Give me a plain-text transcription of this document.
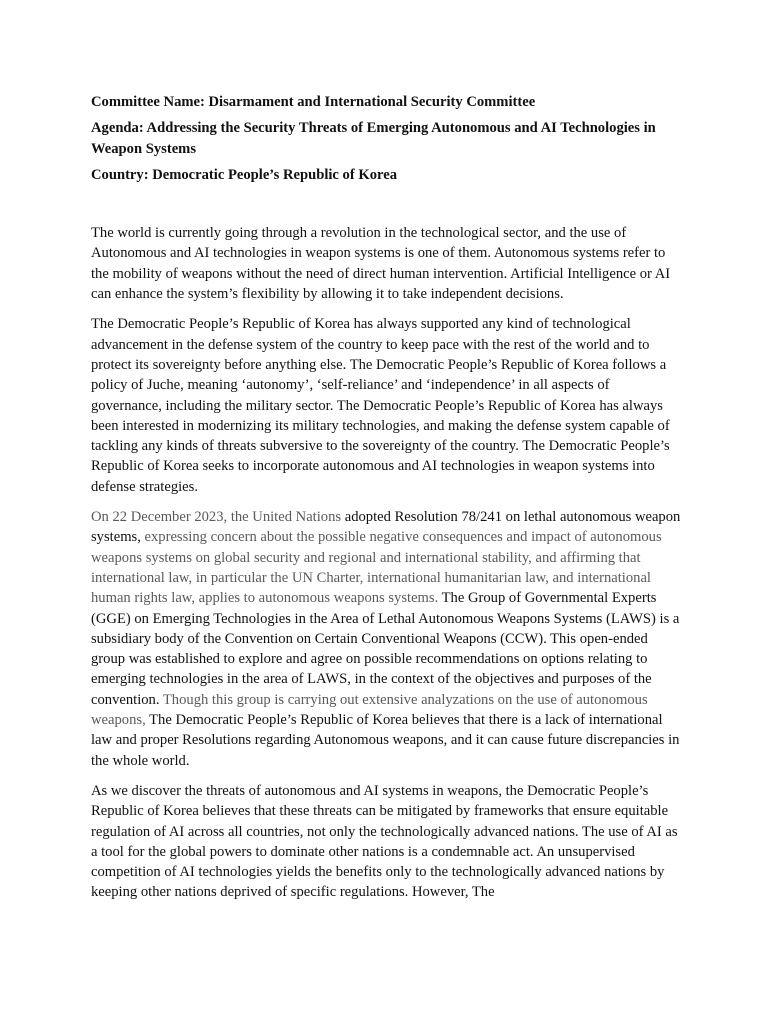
Committee Name: Disarmament and International Security Committee
Agenda: Addressing the Security Threats of Emerging Autonomous and AI Technologies in Weapon Systems
Country: Democratic People’s Republic of Korea

The world is currently going through a revolution in the technological sector, and the use of Autonomous and AI technologies in weapon systems is one of them. Autonomous systems refer to the mobility of weapons without the need of direct human intervention. Artificial Intelligence or AI can enhance the system’s flexibility by allowing it to take independent decisions.

The Democratic People’s Republic of Korea has always supported any kind of technological advancement in the defense system of the country to keep pace with the rest of the world and to protect its sovereignty before anything else. The Democratic People’s Republic of Korea follows a policy of Juche, meaning ‘autonomy’, ‘self-reliance’ and ‘independence’ in all aspects of governance, including the military sector. The Democratic People’s Republic of Korea has always been interested in modernizing its military technologies, and making the defense system capable of tackling any kinds of threats subversive to the sovereignty of the country. The Democratic People’s Republic of Korea seeks to incorporate autonomous and AI technologies in weapon systems into defense strategies.

On 22 December 2023, the United Nations adopted Resolution 78/241 on lethal autonomous weapon systems, expressing concern about the possible negative consequences and impact of autonomous weapons systems on global security and regional and international stability, and affirming that international law, in particular the UN Charter, international humanitarian law, and international human rights law, applies to autonomous weapons systems. The Group of Governmental Experts (GGE) on Emerging Technologies in the Area of Lethal Autonomous Weapons Systems (LAWS) is a subsidiary body of the Convention on Certain Conventional Weapons (CCW). This open-ended group was established to explore and agree on possible recommendations on options relating to emerging technologies in the area of LAWS, in the context of the objectives and purposes of the convention. Though this group is carrying out extensive analyzations on the use of autonomous weapons, The Democratic People’s Republic of Korea believes that there is a lack of international law and proper Resolutions regarding Autonomous weapons, and it can cause future discrepancies in the whole world.

As we discover the threats of autonomous and AI systems in weapons, the Democratic People’s Republic of Korea believes that these threats can be mitigated by frameworks that ensure equitable regulation of AI across all countries, not only the technologically advanced nations. The use of AI as a tool for the global powers to dominate other nations is a condemnable act. An unsupervised competition of AI technologies yields the benefits only to the technologically advanced nations by keeping other nations deprived of specific regulations. However, The
